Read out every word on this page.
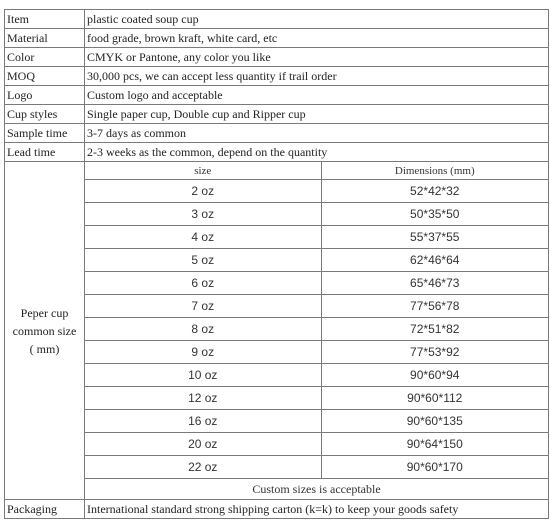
Item	plastic coated soup cup
Material	food grade, brown kraft, white card, etc
Color	CMYK or Pantone, any color you like
MOQ	30,000 pcs, we can accept less quantity if trail order
Logo	Custom logo and acceptable
Cup styles	Single paper cup, Double cup and Ripper cup
Sample time	3-7 days as common
Lead time	2-3 weeks as the common, depend on the quantity

Peper cup
common size
( mm)

size	Dimensions (mm)
2 oz	52*42*32
3 oz	50*35*50
4 oz	55*37*55
5 oz	62*46*64
6 oz	65*46*73
7 oz	77*56*78
8 oz	72*51*82
9 oz	77*53*92
10 oz	90*60*94
12 oz	90*60*112
16 oz	90*60*135
20 oz	90*64*150
22 oz	90*60*170
Custom sizes is acceptable

Packaging	International standard strong shipping carton (k=k) to keep your goods safety
